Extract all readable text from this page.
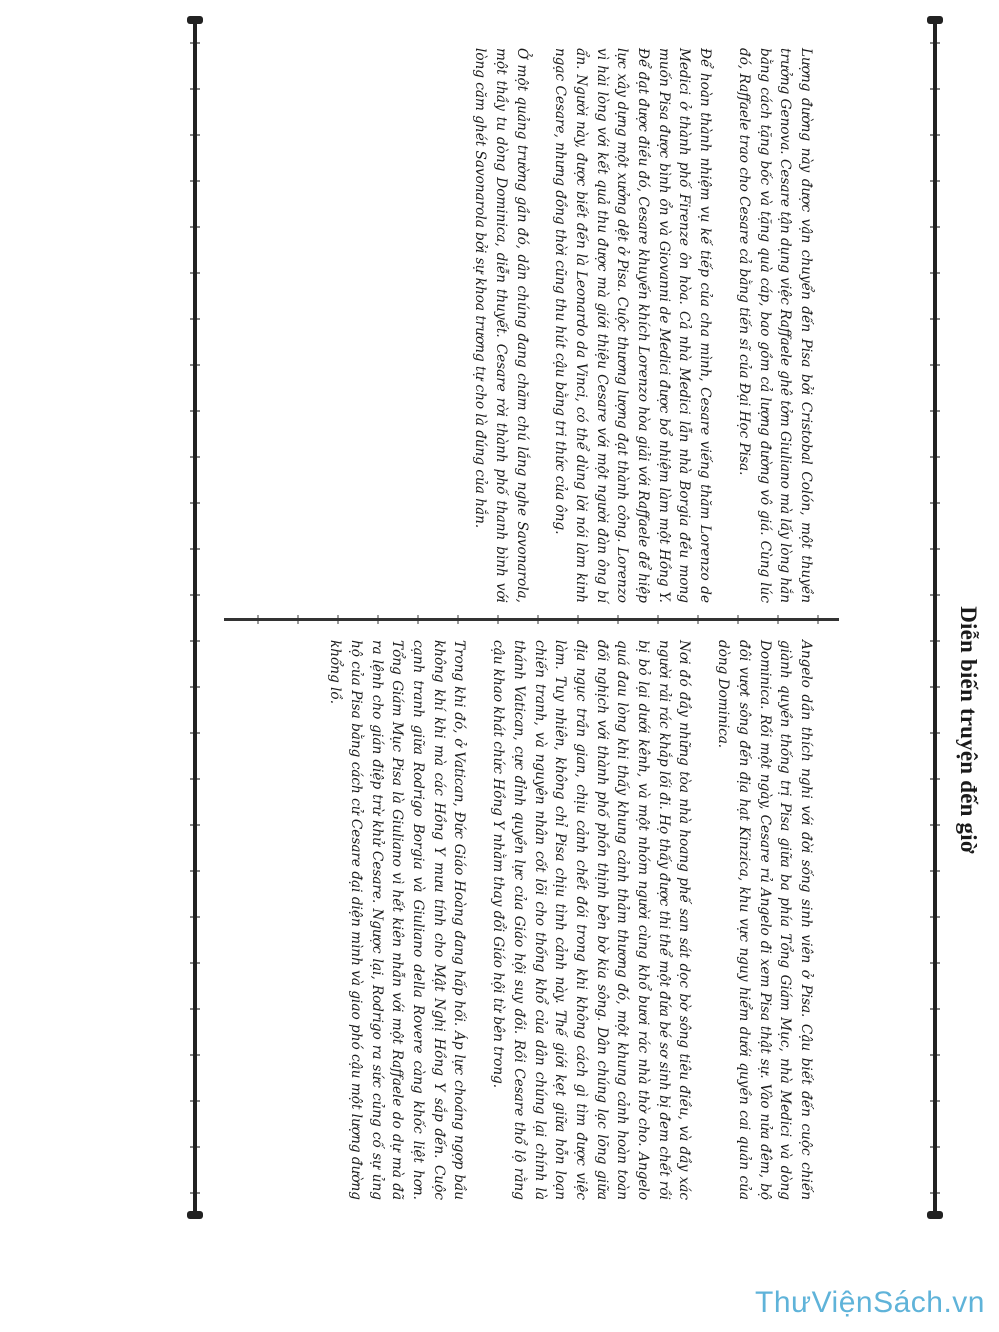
Diễn biến truyện đến giờ

Lượng đường này được vận chuyển đến Pisa bởi Cristobal Colón, một thuyền trưởng Genova. Cesare tận dụng việc Raffaele ghê tởm Giuliano mà lấy lòng hắn bằng cách tặng bốc và tặng quà cáp, bao gồm cả lượng đường vô giá. Cùng lúc đó, Raffaele trao cho Cesare cả bằng tiến sĩ của Đại Học Pisa.

Để hoàn thành nhiệm vụ kế tiếp của cha mình, Cesare viếng thăm Lorenzo de Medici ở thành phố Firenze ôn hòa. Cả nhà Medici lẫn nhà Borgia đều mong muốn Pisa được bình ổn và Giovanni de Medici được bổ nhiệm làm một Hồng Y. Để đạt được điều đó, Cesare khuyến khích Lorenzo hòa giải với Raffaele để hiệp lực xây dựng một xưởng dệt ở Pisa. Cuộc thương lượng đạt thành công. Lorenzo vì hài lòng với kết quả thu được mà giới thiệu Cesare với một người đàn ông bí ẩn. Người này, được biết đến là Leonardo da Vinci, có thể dùng lời nói làm kinh ngạc Cesare, nhưng đồng thời cũng thu hút cậu bằng tri thức của ông.

Ở một quảng trường gần đó, dân chúng đang chăm chú lắng nghe Savonarola, một thầy tu dòng Dominica, diễn thuyết. Cesare rời thành phố thanh bình với lòng căm ghét Savonarola bởi sự khoa trương tự cho là đúng của hắn.

Angelo dần thích nghi với đời sống sinh viên ở Pisa. Cậu biết đến cuộc chiến giành quyền thống trị Pisa giữa ba phía Tổng Giám Mục, nhà Medici và dòng Dominica. Rồi một ngày, Cesare rủ Angelo đi xem Pisa thật sự. Vào nửa đêm, bộ đôi vượt sông đến địa hạt Kinzica, khu vực nguy hiểm dưới quyền cai quản của dòng Dominica.

Nơi đó đầy những tòa nhà hoang phế san sát dọc bờ sông tiêu điều, và đầy xác người rải rác khắp lối đi. Họ thấy được thi thể một đứa bé sơ sinh bị đem chết rồi bị bỏ lại dưới kênh, và một nhóm người cùng khổ bươi rác nhà thờ cho. Angelo quá đau lòng khi thấy khung cảnh thảm thương đó, một khung cảnh hoàn toàn đối nghịch với thành phố phồn thịnh bên bờ kia sông. Dân chúng lạc lõng giữa địa ngục trần gian, chịu cảnh chết đói trong khi không cách gì tìm được việc làm. Tuy nhiên, không chỉ Pisa chịu tình cảnh này. Thế giới kẹt giữa hỗn loạn chiến tranh, và nguyên nhân cốt lõi cho thống khổ của dân chúng lại chính là thánh Vatican, cực đỉnh quyền lực của Giáo hội suy đồi. Rồi Cesare thổ lộ rằng cậu khao khát chức Hồng Y nhằm thay đổi Giáo hội từ bên trong.

Trong khi đó, ở Vatican, Đức Giáo Hoàng đang hấp hối. Áp lực choáng ngợp bầu không khí khi mà các Hồng Y mưu tính cho Mật Nghị Hồng Y sắp đến. Cuộc cạnh tranh giữa Rodrigo Borgia và Giuliano della Rovere càng khốc liệt hơn. Tổng Giám Mục Pisa là Giuliano vì hết kiên nhẫn với một Raffaele do dự mà đã ra lệnh cho gián điệp trừ khử Cesare. Ngược lại, Rodrigo ra sức củng cố sự ủng hộ của Pisa bằng cách cử Cesare đại diện mình và giao phó cậu một lượng đường khổng lồ.

ThưViệnSách.vn
